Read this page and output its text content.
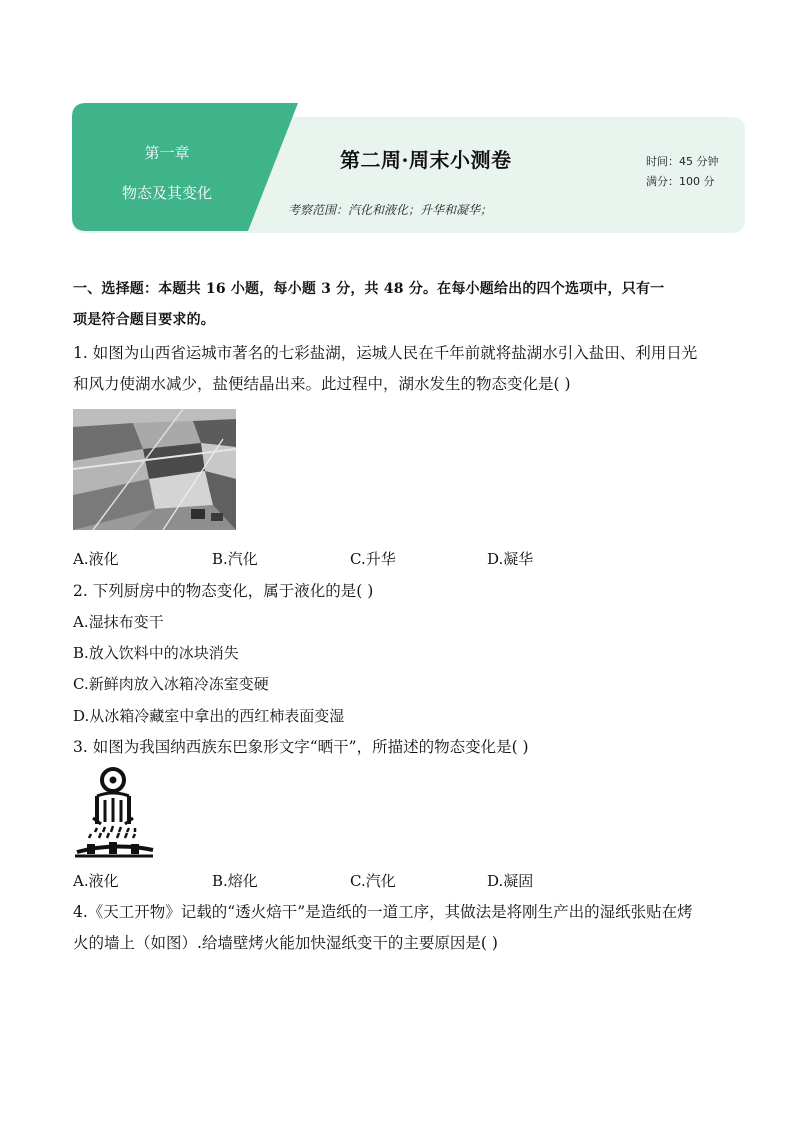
第一章
物态及其变化
第二周·周末小测卷	时间：45 分钟
满分：100 分
考察范围：汽化和液化；升华和凝华；
一、选择题：本题共 16 小题，每小题 3 分，共 48 分。在每小题给出的四个选项中，只有一
项是符合题目要求的。
1. 如图为山西省运城市著名的七彩盐湖，运城人民在千年前就将盐湖水引入盐田、利用日光
和风力使湖水减少，盐便结晶出来。此过程中，湖水发生的物态变化是( )
A.液化	B.汽化	C.升华	D.凝华
2. 下列厨房中的物态变化，属于液化的是( )
A.湿抹布变干
B.放入饮料中的冰块消失
C.新鲜肉放入冰箱冷冻室变硬
D.从冰箱冷藏室中拿出的西红柿表面变湿
3. 如图为我国纳西族东巴象形文字“晒干”，所描述的物态变化是( )
A.液化	B.熔化	C.汽化	D.凝固
4.《天工开物》记载的“透火焙干”是造纸的一道工序，其做法是将刚生产出的湿纸张贴在烤
火的墙上（如图）.给墙壁烤火能加快湿纸变干的主要原因是( )
